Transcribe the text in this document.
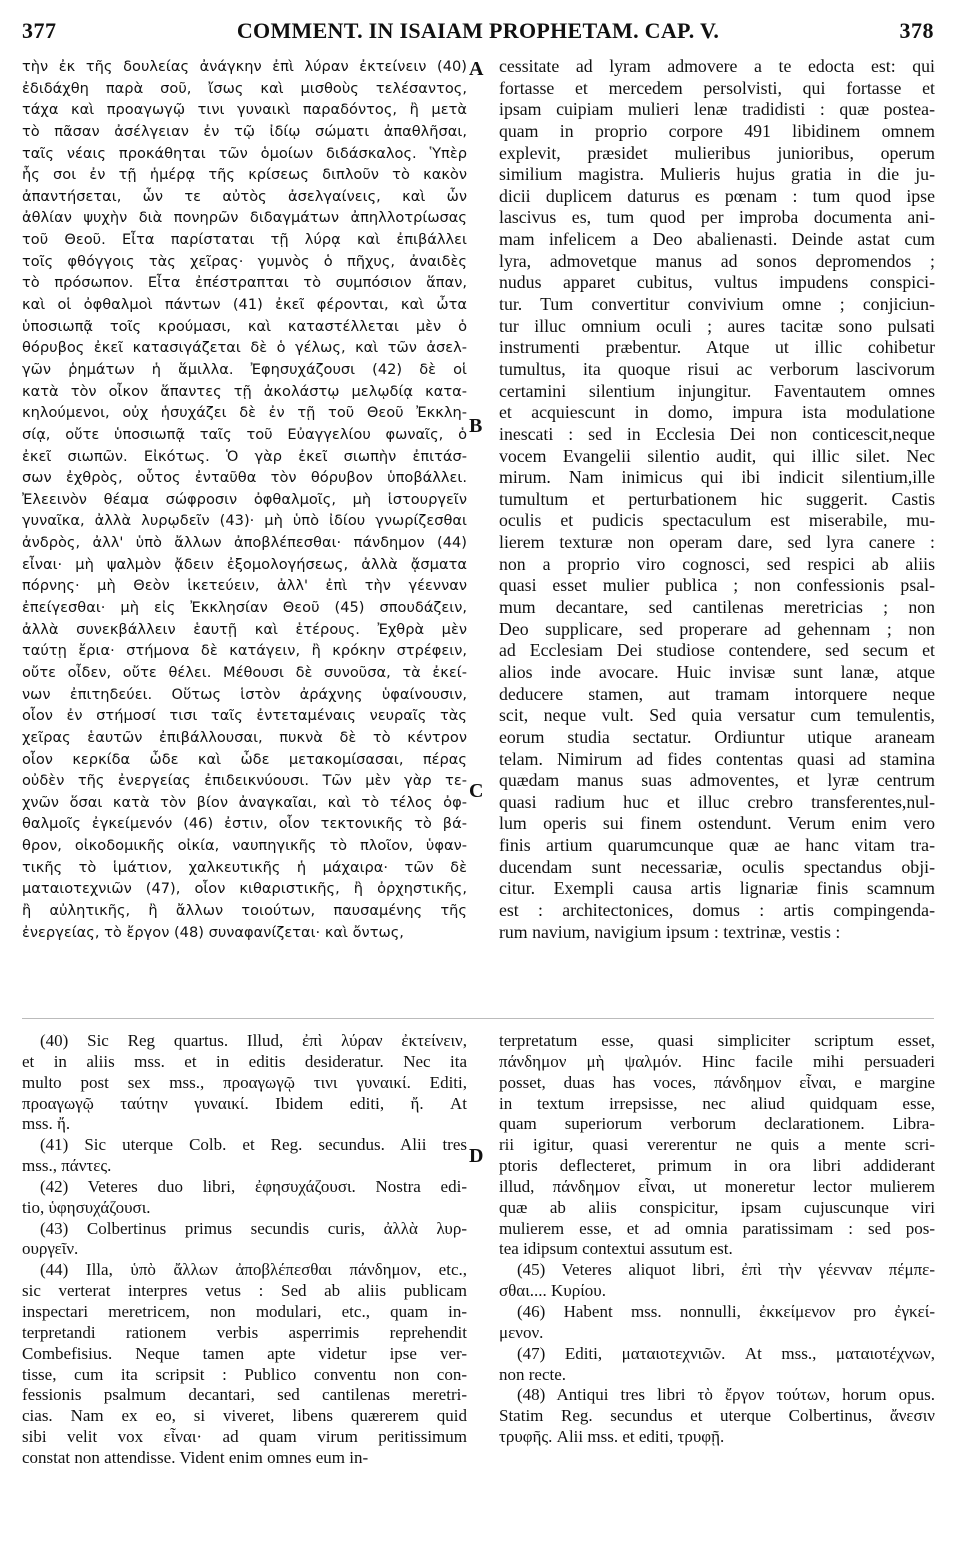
377	COMMENT. IN ISAIAM PROPHETAM. CAP. V.	378
τὴν ἐκ τῆς δουλείας ἀνάγκην ἐπὶ λύραν ἐκτείνειν (40)
ἐδιδάχθη παρὰ σοῦ, ἴσως καὶ μισθοὺς τελέσαντος,
τάχα καὶ προαγωγῷ τινι γυναικὶ παραδόντος, ἢ μετὰ
τὸ πᾶσαν ἀσέλγειαν ἐν τῷ ἰδίῳ σώματι ἀπαθλῆσαι,
ταῖς νέαις προκάθηται τῶν ὁμοίων διδάσκαλος. Ὑπὲρ
ἧς σοι ἐν τῇ ἡμέρᾳ τῆς κρίσεως διπλοῦν τὸ κακὸν
ἀπαντήσεται, ὧν τε αὐτὸς ἀσελγαίνεις, καὶ ὧν
ἀθλίαν ψυχὴν διὰ πονηρῶν διδαγμάτων ἀπηλλοτρίωσας
τοῦ Θεοῦ. Εἶτα παρίσταται τῇ λύρᾳ καὶ ἐπιβάλλει
τοῖς φθόγγοις τὰς χεῖρας· γυμνὸς ὁ πῆχυς, ἀναιδὲς
τὸ πρόσωπον. Εἶτα ἐπέστραπται τὸ συμπόσιον ἅπαν,
καὶ οἱ ὀφθαλμοὶ πάντων (41) ἐκεῖ φέρονται, καὶ ὦτα
ὑποσιωπᾷ τοῖς κρούμασι, καὶ καταστέλλεται μὲν ὁ
θόρυβος ἐκεῖ κατασιγάζεται δὲ ὁ γέλως, καὶ τῶν ἀσελ-
γῶν ῥημάτων ἡ ἅμιλλα. Ἐφησυχάζουσι (42) δὲ οἱ
κατὰ τὸν οἶκον ἅπαντες τῇ ἀκολάστῳ μελῳδίᾳ κατα-
κηλούμενοι, οὐχ ἡσυχάζει δὲ ἐν τῇ τοῦ Θεοῦ Ἐκκλη-
σίᾳ, οὔτε ὑποσιωπᾷ ταῖς τοῦ Εὐαγγελίου φωναῖς, ὁ
ἐκεῖ σιωπῶν. Εἰκότως. Ὁ γὰρ ἐκεῖ σιωπὴν ἐπιτάσ-
σων ἐχθρὸς, οὗτος ἐνταῦθα τὸν θόρυβον ὑποβάλλει.
Ἐλεεινὸν θέαμα σώφροσιν ὀφθαλμοῖς, μὴ ἱστουργεῖν
γυναῖκα, ἀλλὰ λυρῳδεῖν (43)· μὴ ὑπὸ ἰδίου γνωρίζεσθαι
ἀνδρὸς, ἀλλ' ὑπὸ ἄλλων ἀποβλέπεσθαι· πάνδημον (44)
εἶναι· μὴ ψαλμὸν ᾄδειν ἐξομολογήσεως, ἀλλὰ ᾄσματα
πόρνης· μὴ Θεὸν ἱκετεύειν, ἀλλ' ἐπὶ τὴν γέενναν
ἐπείγεσθαι· μὴ εἰς Ἐκκλησίαν Θεοῦ (45) σπουδάζειν,
ἀλλὰ συνεκβάλλειν ἑαυτῇ καὶ ἑτέρους. Ἐχθρὰ μὲν
ταύτῃ ἔρια· στήμονα δὲ κατάγειν, ἢ κρόκην στρέφειν,
οὔτε οἶδεν, οὔτε θέλει. Μέθουσι δὲ συνοῦσα, τὰ ἐκεί-
νων ἐπιτηδεύει. Οὕτως ἱστὸν ἀράχνης ὑφαίνουσιν,
οἷον ἐν στήμοσί τισι ταῖς ἐντεταμέναις νευραῖς τὰς
χεῖρας ἑαυτῶν ἐπιβάλλουσαι, πυκνὰ δὲ τὸ κέντρον
οἷον κερκίδα ὧδε καὶ ὧδε μετακομίσασαι, πέρας
οὐδὲν τῆς ἐνεργείας ἐπιδεικνύουσι. Τῶν μὲν γὰρ τε-
χνῶν ὅσαι κατὰ τὸν βίον ἀναγκαῖαι, καὶ τὸ τέλος ὀφ-
θαλμοῖς ἐγκείμενόν (46) ἐστιν, οἷον τεκτονικῆς τὸ βά-
θρον, οἰκοδομικῆς οἰκία, ναυπηγικῆς τὸ πλοῖον, ὑφαν-
τικῆς τὸ ἱμάτιον, χαλκευτικῆς ἡ μάχαιρα· τῶν δὲ
ματαιοτεχνιῶν (47), οἷον κιθαριστικῆς, ἢ ὀρχηστικῆς,
ἢ αὐλητικῆς, ἢ ἄλλων τοιούτων, παυσαμένης τῆς
ἐνεργείας, τὸ ἔργον (48) συναφανίζεται· καὶ ὄντως,
cessitate ad lyram admovere a te edocta est: qui
fortasse et mercedem persolvisti, qui fortasse et
ipsam cuipiam mulieri lenæ tradidisti : quæ postea-
quam in proprio corpore 491 libidinem omnem
explevit, præsidet mulieribus junioribus, operum
similium magistra. Mulieris hujus gratia in die ju-
dicii duplicem daturus es pœnam : tum quod ipse
lascivus es, tum quod per improba documenta ani-
mam infelicem a Deo abalienasti. Deinde astat cum
lyra, admovetque manus ad sonos depromendos ;
nudus apparet cubitus, vultus impudens conspici-
tur. Tum convertitur convivium omne ; conjiciun-
tur illuc omnium oculi ; aures tacitæ sono pulsati
instrumenti præbentur. Atque ut illic cohibetur
tumultus, ita quoque risui ac verborum lascivorum
certamini silentium injungitur. Faventautem omnes
et acquiescunt in domo, impura ista modulatione
inescati : sed in Ecclesia Dei non conticescit,neque
vocem Evangelii silentio audit, qui illic silet. Nec
mirum. Nam inimicus qui ibi indicit silentium,ille
tumultum et perturbationem hic suggerit. Castis
oculis et pudicis spectaculum est miserabile, mu-
lierem texturæ non operam dare, sed lyra canere :
non a proprio viro cognosci, sed respici ab aliis
quasi esset mulier publica ; non confessionis psal-
mum decantare, sed cantilenas meretricias ; non
Deo supplicare, sed properare ad gehennam ; non
ad Ecclesiam Dei studiose contendere, sed secum et
alios inde avocare. Huic invisæ sunt lanæ, atque
deducere stamen, aut tramam intorquere neque
scit, neque vult. Sed quia versatur cum temulentis,
eorum studia sectatur. Ordiuntur utique araneam
telam. Nimirum ad fides contentas quasi ad stamina
quædam manus suas admoventes, et lyræ centrum
quasi radium huc et illuc crebro transferentes,nul-
lum operis sui finem ostendunt. Verum enim vero
finis artium quarumcunque quæ ae hanc vitam tra-
ducendam sunt necessariæ, oculis spectandus obji-
citur. Exempli causa artis lignariæ finis scamnum
est : architectonices, domus : artis compingenda-
rum navium, navigium ipsum : textrinæ, vestis :
A
B
C
D
(40) Sic Reg quartus. Illud, ἐπὶ λύραν ἐκτείνειν,
et in aliis mss. et in editis desideratur. Nec ita
multo post sex mss., προαγωγῷ τινι γυναικί. Editi,
προαγωγῷ ταύτην γυναικί. Ibidem editi, ἤ. At
mss. ἤ.
(41) Sic uterque Colb. et Reg. secundus. Alii tres
mss., πάντες.
(42) Veteres duo libri, ἐφησυχάζουσι. Nostra edi-
tio, ὑφησυχάζουσι.
(43) Colbertinus primus secundis curis, ἀλλὰ λυρ-
ουργεῖν.
(44) Illa, ὑπὸ ἄλλων ἀποβλέπεσθαι πάνδημον, etc.,
sic verterat interpres vetus : Sed ab aliis publicam
inspectari meretricem, non modulari, etc., quam in-
terpretandi rationem verbis asperrimis reprehendit
Combefisius. Neque tamen apte videtur ipse ver-
tisse, cum ita scripsit : Publico conventu non con-
fessionis psalmum decantari, sed cantilenas meretri-
cias. Nam ex eo, si viveret, libens quærerem quid
sibi velit vox εἶναι· ad quam virum peritissimum
constat non attendisse. Vident enim omnes eum in-
terpretatum esse, quasi simpliciter scriptum esset,
πάνδημον μὴ ψαλμόν. Hinc facile mihi persuaderi
posset, duas has voces, πάνδημον εἶναι, e margine
in textum irrepsisse, nec aliud quidquam esse,
quam superiorum verborum declarationem. Libra-
rii igitur, quasi vererentur ne quis a mente scri-
ptoris deflecteret, primum in ora libri addiderant
illud, πάνδημον εἶναι, ut moneretur lector mulierem
quæ ab aliis conspicitur, ipsam cujuscunque viri
mulierem esse, et ad omnia paratissimam : sed pos-
tea idipsum contextui assutum est.
(45) Veteres aliquot libri, ἐπὶ τὴν γέενναν πέμπε-
σθαι.... Κυρίου.
(46) Habent mss. nonnulli, ἐκκείμενον pro ἐγκεί-
μενον.
(47) Editi, ματαιοτεχνιῶν. At mss., ματαιοτέχνων,
non recte.
(48) Antiqui tres libri τὸ ἔργον τούτων, horum opus.
Statim Reg. secundus et uterque Colbertinus, ἄνεσιν
τρυφῆς. Alii mss. et editi, τρυφῇ.
